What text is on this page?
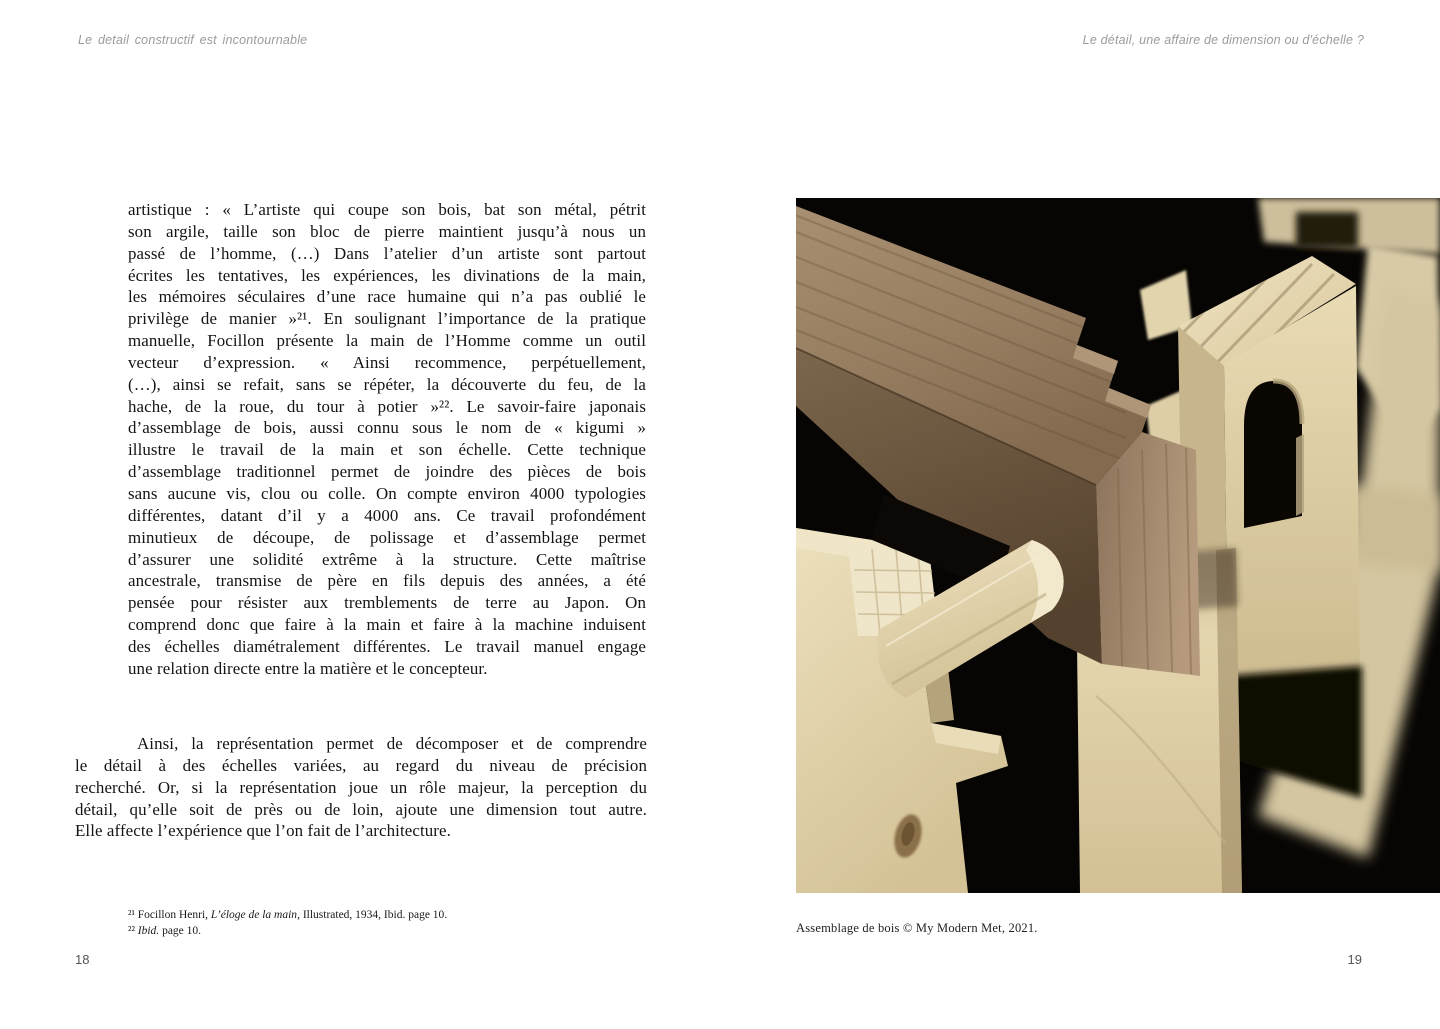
Le detail constructif est incontournable	Le détail, une affaire de dimension ou d'échelle ?
artistique : « L’artiste qui coupe son bois, bat son métal, pétrit
son argile, taille son bloc de pierre maintient jusqu’à nous un
passé de l’homme, (…) Dans l’atelier d’un artiste sont partout
écrites les tentatives, les expériences, les divinations de la main,
les mémoires séculaires d’une race humaine qui n’a pas oublié le
privilège de manier »²¹. En soulignant l’importance de la pratique
manuelle, Focillon présente la main de l’Homme comme un outil
vecteur d’expression. « Ainsi recommence, perpétuellement,
(…), ainsi se refait, sans se répéter, la découverte du feu, de la
hache, de la roue, du tour à potier »²². Le savoir-faire japonais
d’assemblage de bois, aussi connu sous le nom de « kigumi »
illustre le travail de la main et son échelle. Cette technique
d’assemblage traditionnel permet de joindre des pièces de bois
sans aucune vis, clou ou colle. On compte environ 4000 typologies
différentes, datant d’il y a 4000 ans. Ce travail profondément
minutieux de découpe, de polissage et d’assemblage permet
d’assurer une solidité extrême à la structure. Cette maîtrise
ancestrale, transmise de père en fils depuis des années, a été
pensée pour résister aux tremblements de terre au Japon. On
comprend donc que faire à la main et faire à la machine induisent
des échelles diamétralement différentes. Le travail manuel engage
une relation directe entre la matière et le concepteur.
Ainsi, la représentation permet de décomposer et de comprendre
le détail à des échelles variées, au regard du niveau de précision
recherché. Or, si la représentation joue un rôle majeur, la perception du
détail, qu’elle soit de près ou de loin, ajoute une dimension tout autre.
Elle affecte l’expérience que l’on fait de l’architecture.
²¹ Focillon Henri, L’éloge de la main, Illustrated, 1934, Ibid. page 10.
²² Ibid. page 10.	Assemblage de bois © My Modern Met, 2021.
18	19
